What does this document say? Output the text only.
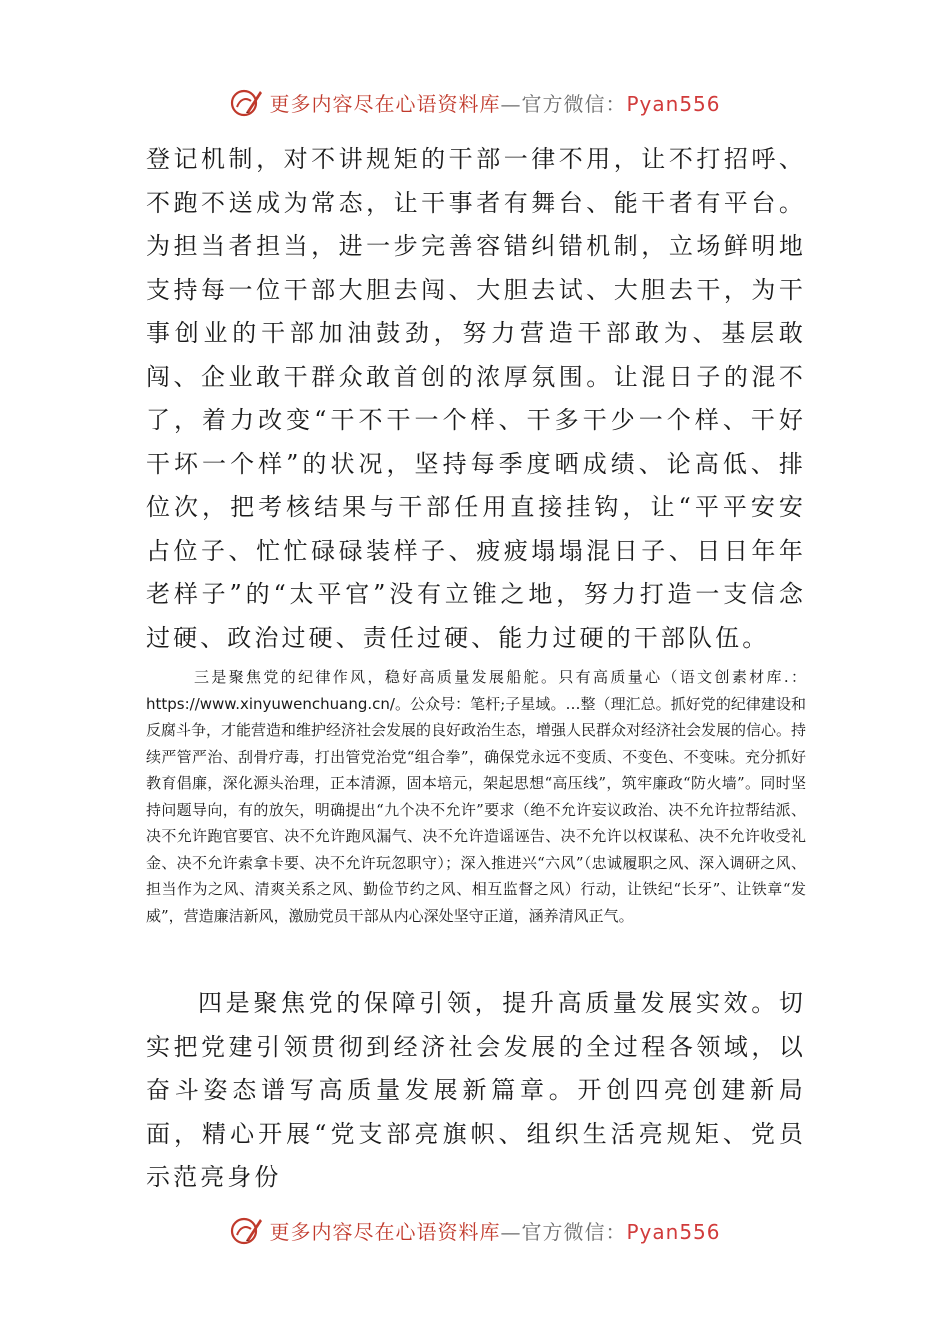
更多内容尽在心语资料库—官方微信：Pyan556

登记机制，对不讲规矩的干部一律不用，让不打招呼、不跑不送成为常态，让干事者有舞台、能干者有平台。为担当者担当，进一步完善容错纠错机制，立场鲜明地支持每一位干部大胆去闯、大胆去试、大胆去干，为干事创业的干部加油鼓劲，努力营造干部敢为、基层敢闯、企业敢干群众敢首创的浓厚氛围。让混日子的混不了，着力改变“干不干一个样、干多干少一个样、干好干坏一个样”的状况，坚持每季度晒成绩、论高低、排位次，把考核结果与干部任用直接挂钩，让“平平安安占位子、忙忙碌碌装样子、疲疲塌塌混日子、日日年年老样子”的“太平官”没有立锥之地，努力打造一支信念过硬、政治过硬、责任过硬、能力过硬的干部队伍。

三是聚焦党的纪律作风，稳好高质量发展船舵。只有高质量心（语文创素材库.：https://www.xinyuwenchuang.cn/。公众号：笔杆;子星域。…整（理汇总。抓好党的纪律建设和反腐斗争，才能营造和维护经济社会发展的良好政治生态，增强人民群众对经济社会发展的信心。持续严管严治、刮骨疗毒，打出管党治党“组合拳”，确保党永远不变质、不变色、不变味。充分抓好教育倡廉，深化源头治理，正本清源，固本培元，架起思想“高压线”，筑牢廉政“防火墙”。同时坚持问题导向，有的放矢，明确提出“九个决不允许”要求（绝不允许妄议政治、决不允许拉帮结派、决不允许跑官要官、决不允许跑风漏气、决不允许造谣诬告、决不允许以权谋私、决不允许收受礼金、决不允许索拿卡要、决不允许玩忽职守）；深入推进兴“六风”（忠诚履职之风、深入调研之风、担当作为之风、清爽关系之风、勤俭节约之风、相互监督之风）行动，让铁纪“长牙”、让铁章“发威”，营造廉洁新风，激励党员干部从内心深处坚守正道，涵养清风正气。

四是聚焦党的保障引领，提升高质量发展实效。切实把党建引领贯彻到经济社会发展的全过程各领域，以奋斗姿态谱写高质量发展新篇章。开创四亮创建新局面，精心开展“党支部亮旗帜、组织生活亮规矩、党员示范亮身份

更多内容尽在心语资料库—官方微信：Pyan556
